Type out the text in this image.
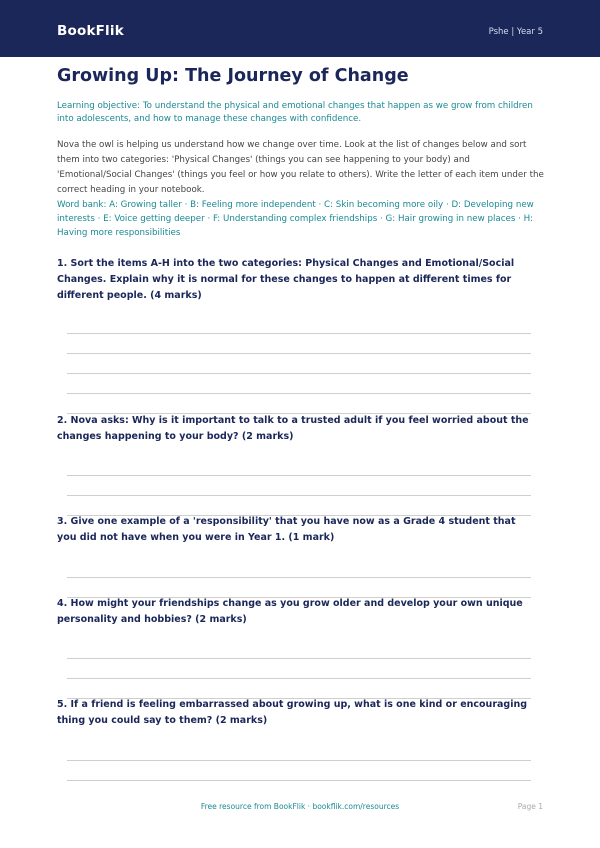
BookFlik	Pshe | Year 5
Growing Up: The Journey of Change
Learning objective: To understand the physical and emotional changes that happen as we grow from children into adolescents, and how to manage these changes with confidence.
Nova the owl is helping us understand how we change over time. Look at the list of changes below and sort them into two categories: 'Physical Changes' (things you can see happening to your body) and 'Emotional/Social Changes' (things you feel or how you relate to others). Write the letter of each item under the correct heading in your notebook.
Word bank: A: Growing taller · B: Feeling more independent · C: Skin becoming more oily · D: Developing new interests · E: Voice getting deeper · F: Understanding complex friendships · G: Hair growing in new places · H: Having more responsibilities
1. Sort the items A-H into the two categories: Physical Changes and Emotional/Social Changes. Explain why it is normal for these changes to happen at different times for different people. (4 marks)
2. Nova asks: Why is it important to talk to a trusted adult if you feel worried about the changes happening to your body? (2 marks)
3. Give one example of a 'responsibility' that you have now as a Grade 4 student that you did not have when you were in Year 1. (1 mark)
4. How might your friendships change as you grow older and develop your own unique personality and hobbies? (2 marks)
5. If a friend is feeling embarrassed about growing up, what is one kind or encouraging thing you could say to them? (2 marks)
Free resource from BookFlik · bookflik.com/resources	Page 1
